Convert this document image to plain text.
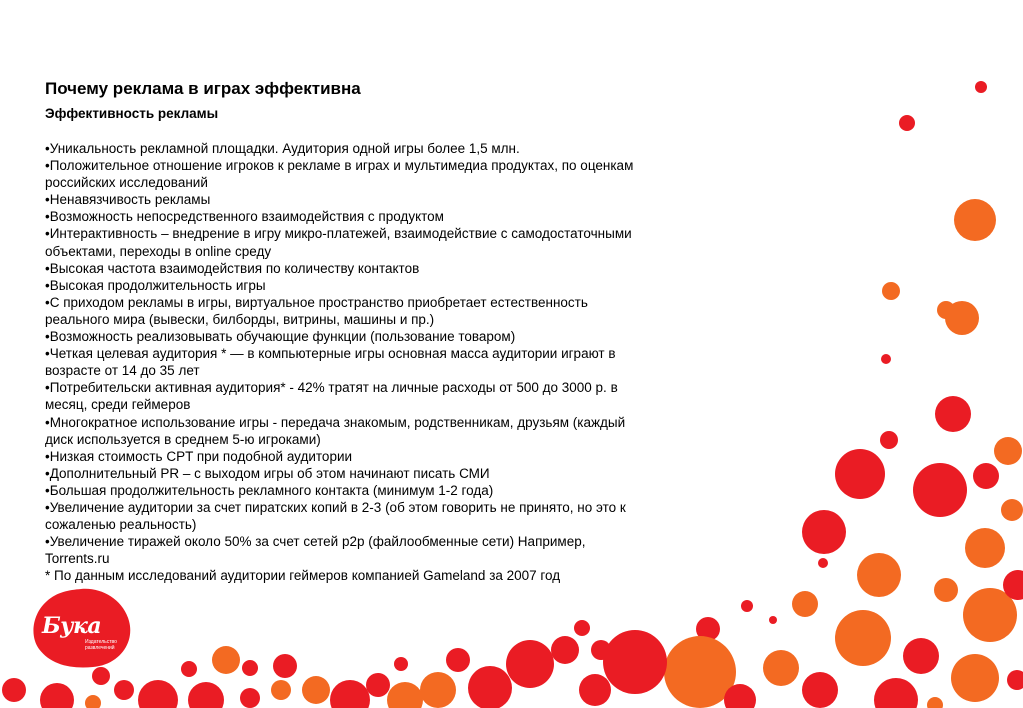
Почему реклама в играх эффективна
Эффективность рекламы
•Уникальность рекламной площадки. Аудитория одной игры более 1,5 млн.
•Положительное отношение игроков к рекламе в играх и мультимедиа продуктах, по оценкам российских исследований
•Ненавязчивость рекламы
•Возможность непосредственного взаимодействия с продуктом
•Интерактивность – внедрение в игру микро-платежей, взаимодействие с самодостаточными объектами, переходы в online среду
•Высокая частота взаимодействия по количеству контактов
•Высокая продолжительность игры
•С приходом рекламы в игры, виртуальное пространство приобретает естественность реального мира (вывески, билборды, витрины, машины и пр.)
•Возможность реализовывать обучающие функции (пользование товаром)
•Четкая целевая аудитория * — в компьютерные игры основная масса аудитории играют в возрасте от 14 до 35 лет
•Потребительски активная аудитория* - 42% тратят на личные расходы от 500 до 3000 р. в месяц, среди геймеров
•Многократное использование игры - передача знакомым, родственникам, друзьям (каждый диск используется в среднем 5-ю игроками)
•Низкая стоимость CPT при подобной аудитории
•Дополнительный PR – с выходом игры об этом начинают писать СМИ
•Большая продолжительность рекламного контакта (минимум 1-2 года)
•Увеличение аудитории за счет пиратских копий в 2-3 (об этом говорить не принято, но это к сожаленью реальность)
•Увеличение тиражей около 50% за счет сетей p2p (файлообменные сети) Например, Torrents.ru

* По данным исследований аудитории геймеров компанией Gameland за 2007 год

Бука
Издательство
развлечений
